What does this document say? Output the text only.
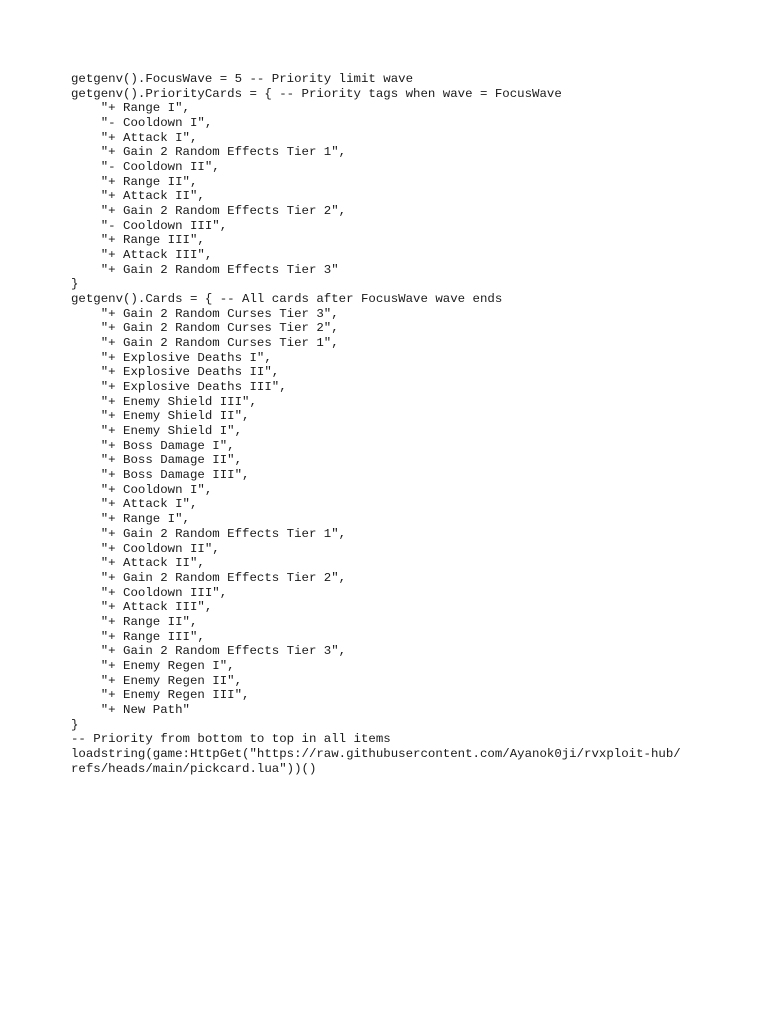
getgenv().FocusWave = 5 -- Priority limit wave
getgenv().PriorityCards = { -- Priority tags when wave = FocusWave
"+ Range I",
"- Cooldown I",
"+ Attack I",
"+ Gain 2 Random Effects Tier 1",
"- Cooldown II",
"+ Range II",
"+ Attack II",
"+ Gain 2 Random Effects Tier 2",
"- Cooldown III",
"+ Range III",
"+ Attack III",
"+ Gain 2 Random Effects Tier 3"
}
getgenv().Cards = { -- All cards after FocusWave wave ends
"+ Gain 2 Random Curses Tier 3",
"+ Gain 2 Random Curses Tier 2",
"+ Gain 2 Random Curses Tier 1",
"+ Explosive Deaths I",
"+ Explosive Deaths II",
"+ Explosive Deaths III",
"+ Enemy Shield III",
"+ Enemy Shield II",
"+ Enemy Shield I",
"+ Boss Damage I",
"+ Boss Damage II",
"+ Boss Damage III",
"+ Cooldown I",
"+ Attack I",
"+ Range I",
"+ Gain 2 Random Effects Tier 1",
"+ Cooldown II",
"+ Attack II",
"+ Gain 2 Random Effects Tier 2",
"+ Cooldown III",
"+ Attack III",
"+ Range II",
"+ Range III",
"+ Gain 2 Random Effects Tier 3",
"+ Enemy Regen I",
"+ Enemy Regen II",
"+ Enemy Regen III",
"+ New Path"
}
-- Priority from bottom to top in all items
loadstring(game:HttpGet("https://raw.githubusercontent.com/Ayanok0ji/rvxploit-hub/
refs/heads/main/pickcard.lua"))()
